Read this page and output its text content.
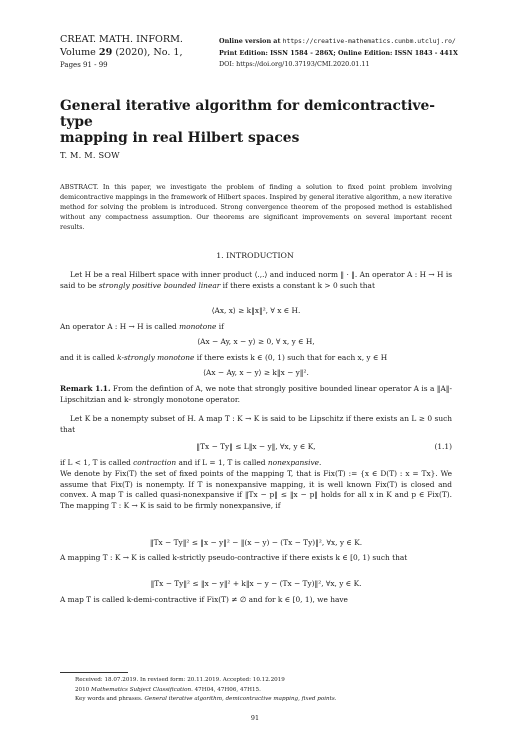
CREAT. MATH. INFORM.
Volume 29 (2020), No. 1,
Pages 91 - 99
Online version at https://creative-mathematics.cunbm.utcluj.ro/
Print Edition: ISSN 1584 - 286X; Online Edition: ISSN 1843 - 441X
DOI: https://doi.org/10.37193/CMI.2020.01.11
General iterative algorithm for demicontractive-type
mapping in real Hilbert spaces
T. M. M. SOW
ABSTRACT. In this paper, we investigate the problem of finding a solution to fixed point problem involving demicontractive mappings in the framework of Hilbert spaces. Inspired by general iterative algorithm, a new iterative method for solving the problem is introduced. Strong convergence theorem of the proposed method is established without any compactness assumption. Our theorems are significant improvements on several important recent results.
1. INTRODUCTION
Let H be a real Hilbert space with inner product ⟨.,.⟩ and induced norm ‖ · ‖. An operator A : H → H is said to be strongly positive bounded linear if there exists a constant k > 0 such that
⟨Ax, x⟩ ≥ k‖x‖², ∀ x ∈ H.
An operator A : H → H is called monotone if
⟨Ax − Ay, x − y⟩ ≥ 0, ∀ x, y ∈ H,
and it is called k-strongly monotone if there exists k ∈ (0, 1) such that for each x, y ∈ H
⟨Ax − Ay, x − y⟩ ≥ k‖x − y‖².
Remark 1.1. From the defintion of A, we note that strongly positive bounded linear operator A is a ‖A‖-Lipschitzian and k- strongly monotone operator.
Let K be a nonempty subset of H. A map T : K → K is said to be Lipschitz if there exists an L ≥ 0 such that
‖Tx − Ty‖ ≤ L‖x − y‖, ∀x, y ∈ K,	(1.1)
if L < 1, T is called contraction and if L = 1, T is called nonexpansive.
We denote by Fix(T) the set of fixed points of the mapping T, that is Fix(T) := {x ∈ D(T) : x = Tx}. We assume that Fix(T) is nonempty. If T is nonexpansive mapping, it is well known Fix(T) is closed and convex. A map T is called quasi-nonexpansive if ‖Tx − p‖ ≤ ‖x − p‖ holds for all x in K and p ∈ Fix(T). The mapping T : K → K is said to be firmly nonexpansive, if
‖Tx − Ty‖² ≤ ‖x − y‖² − ‖(x − y) − (Tx − Ty)‖², ∀x, y ∈ K.
A mapping T : K → K is called k-strictly pseudo-contractive if there exists k ∈ [0, 1) such that
‖Tx − Ty‖² ≤ ‖x − y‖² + k‖x − y − (Tx − Ty)‖², ∀x, y ∈ K.
A map T is called k-demi-contractive if Fix(T) ≠ ∅ and for k ∈ [0, 1), we have
Received: 18.07.2019. In revised form: 20.11.2019. Accepted: 10.12.2019
2010 Mathematics Subject Classification. 47H04, 47H06, 47H15.
Key words and phrases. General iterative algorithm, demicontractive mapping, fixed points.
91
